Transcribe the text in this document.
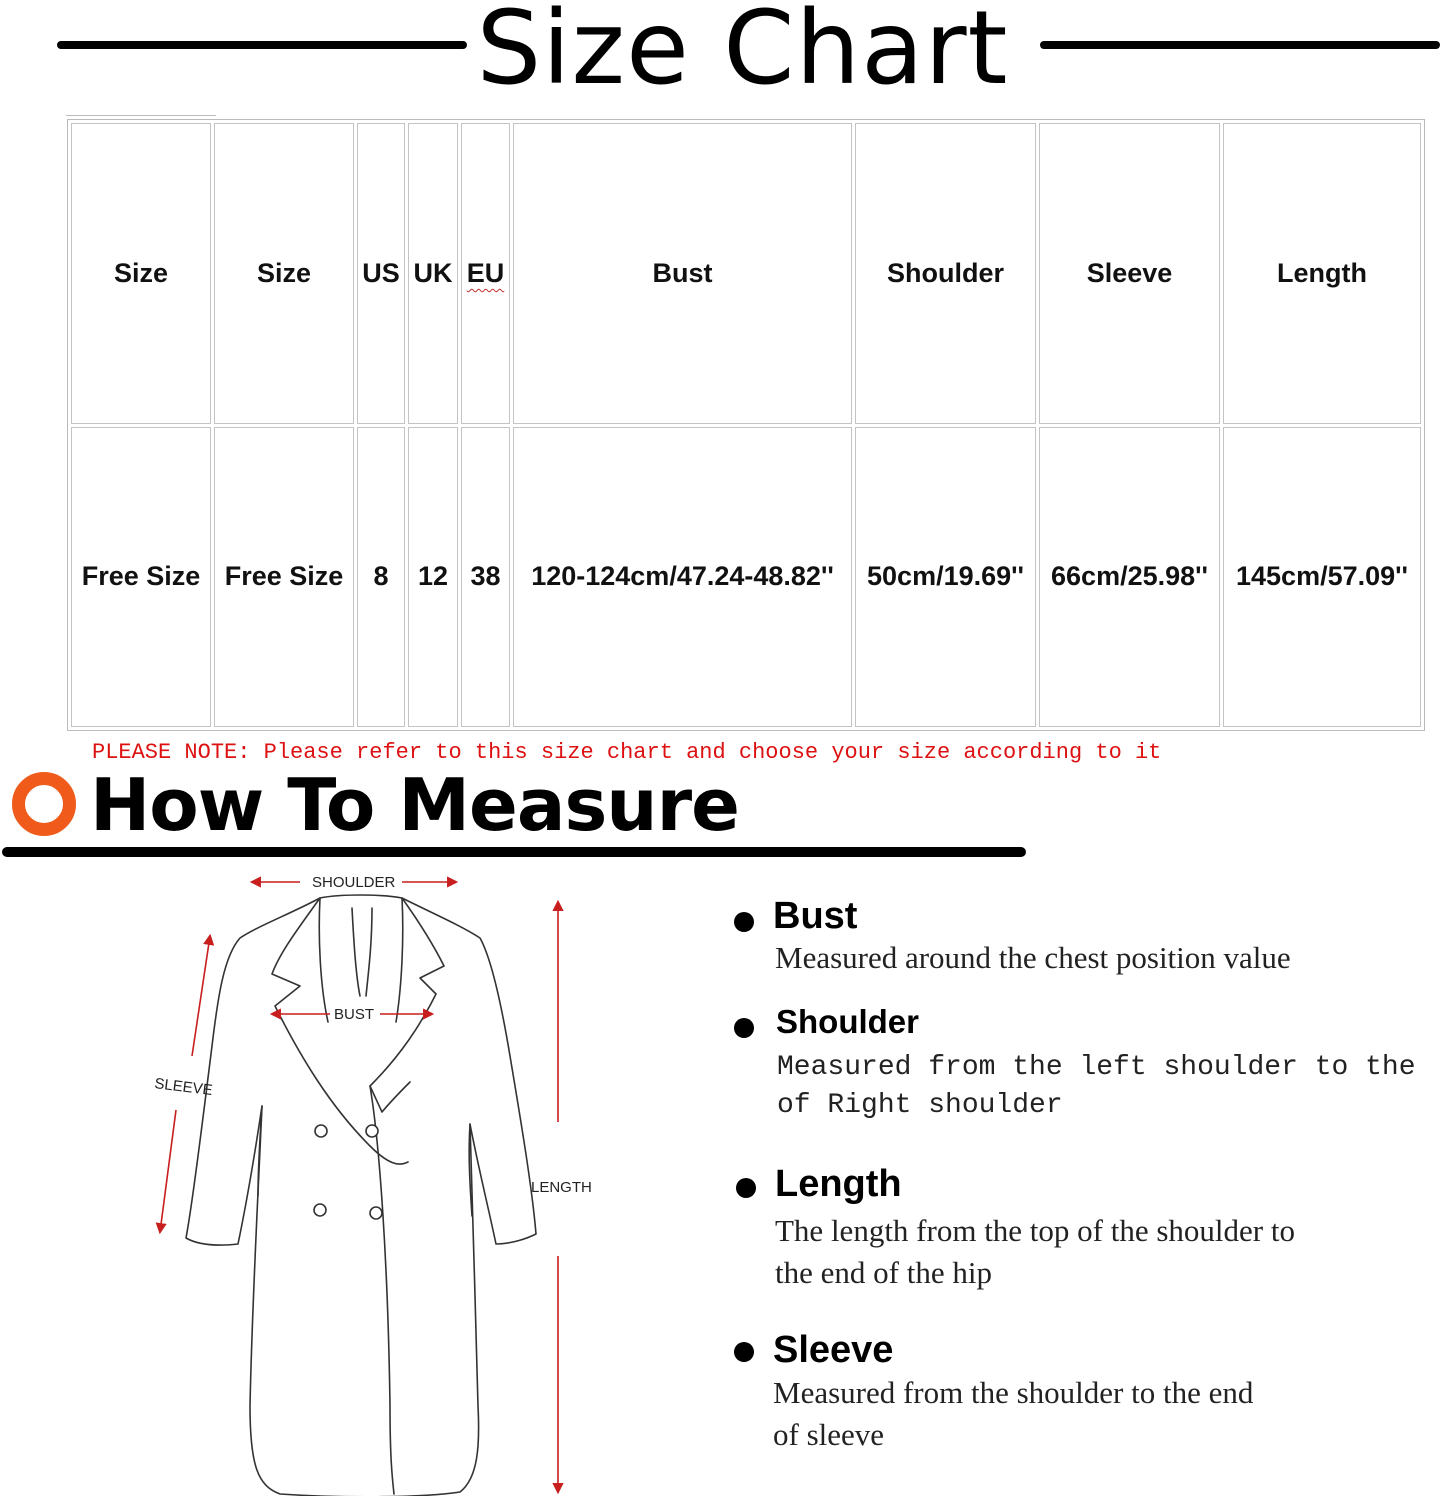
Size Chart
Size	Size	US	UK	EU	Bust	Shoulder	Sleeve	Length
Free Size	Free Size	8	12	38	120-124cm/47.24-48.82''	50cm/19.69''	66cm/25.98''	145cm/57.09''
PLEASE NOTE: Please refer to this size chart and choose your size according to it
How To Measure
SHOULDER
BUST
SLEEVE
LENGTH
Bust
Measured around the chest position value
Shoulder
Measured from the left shoulder to the
of Right shoulder
Length
The length from the top of the shoulder to
the end of the hip
Sleeve
Measured from the shoulder to the end
of sleeve
